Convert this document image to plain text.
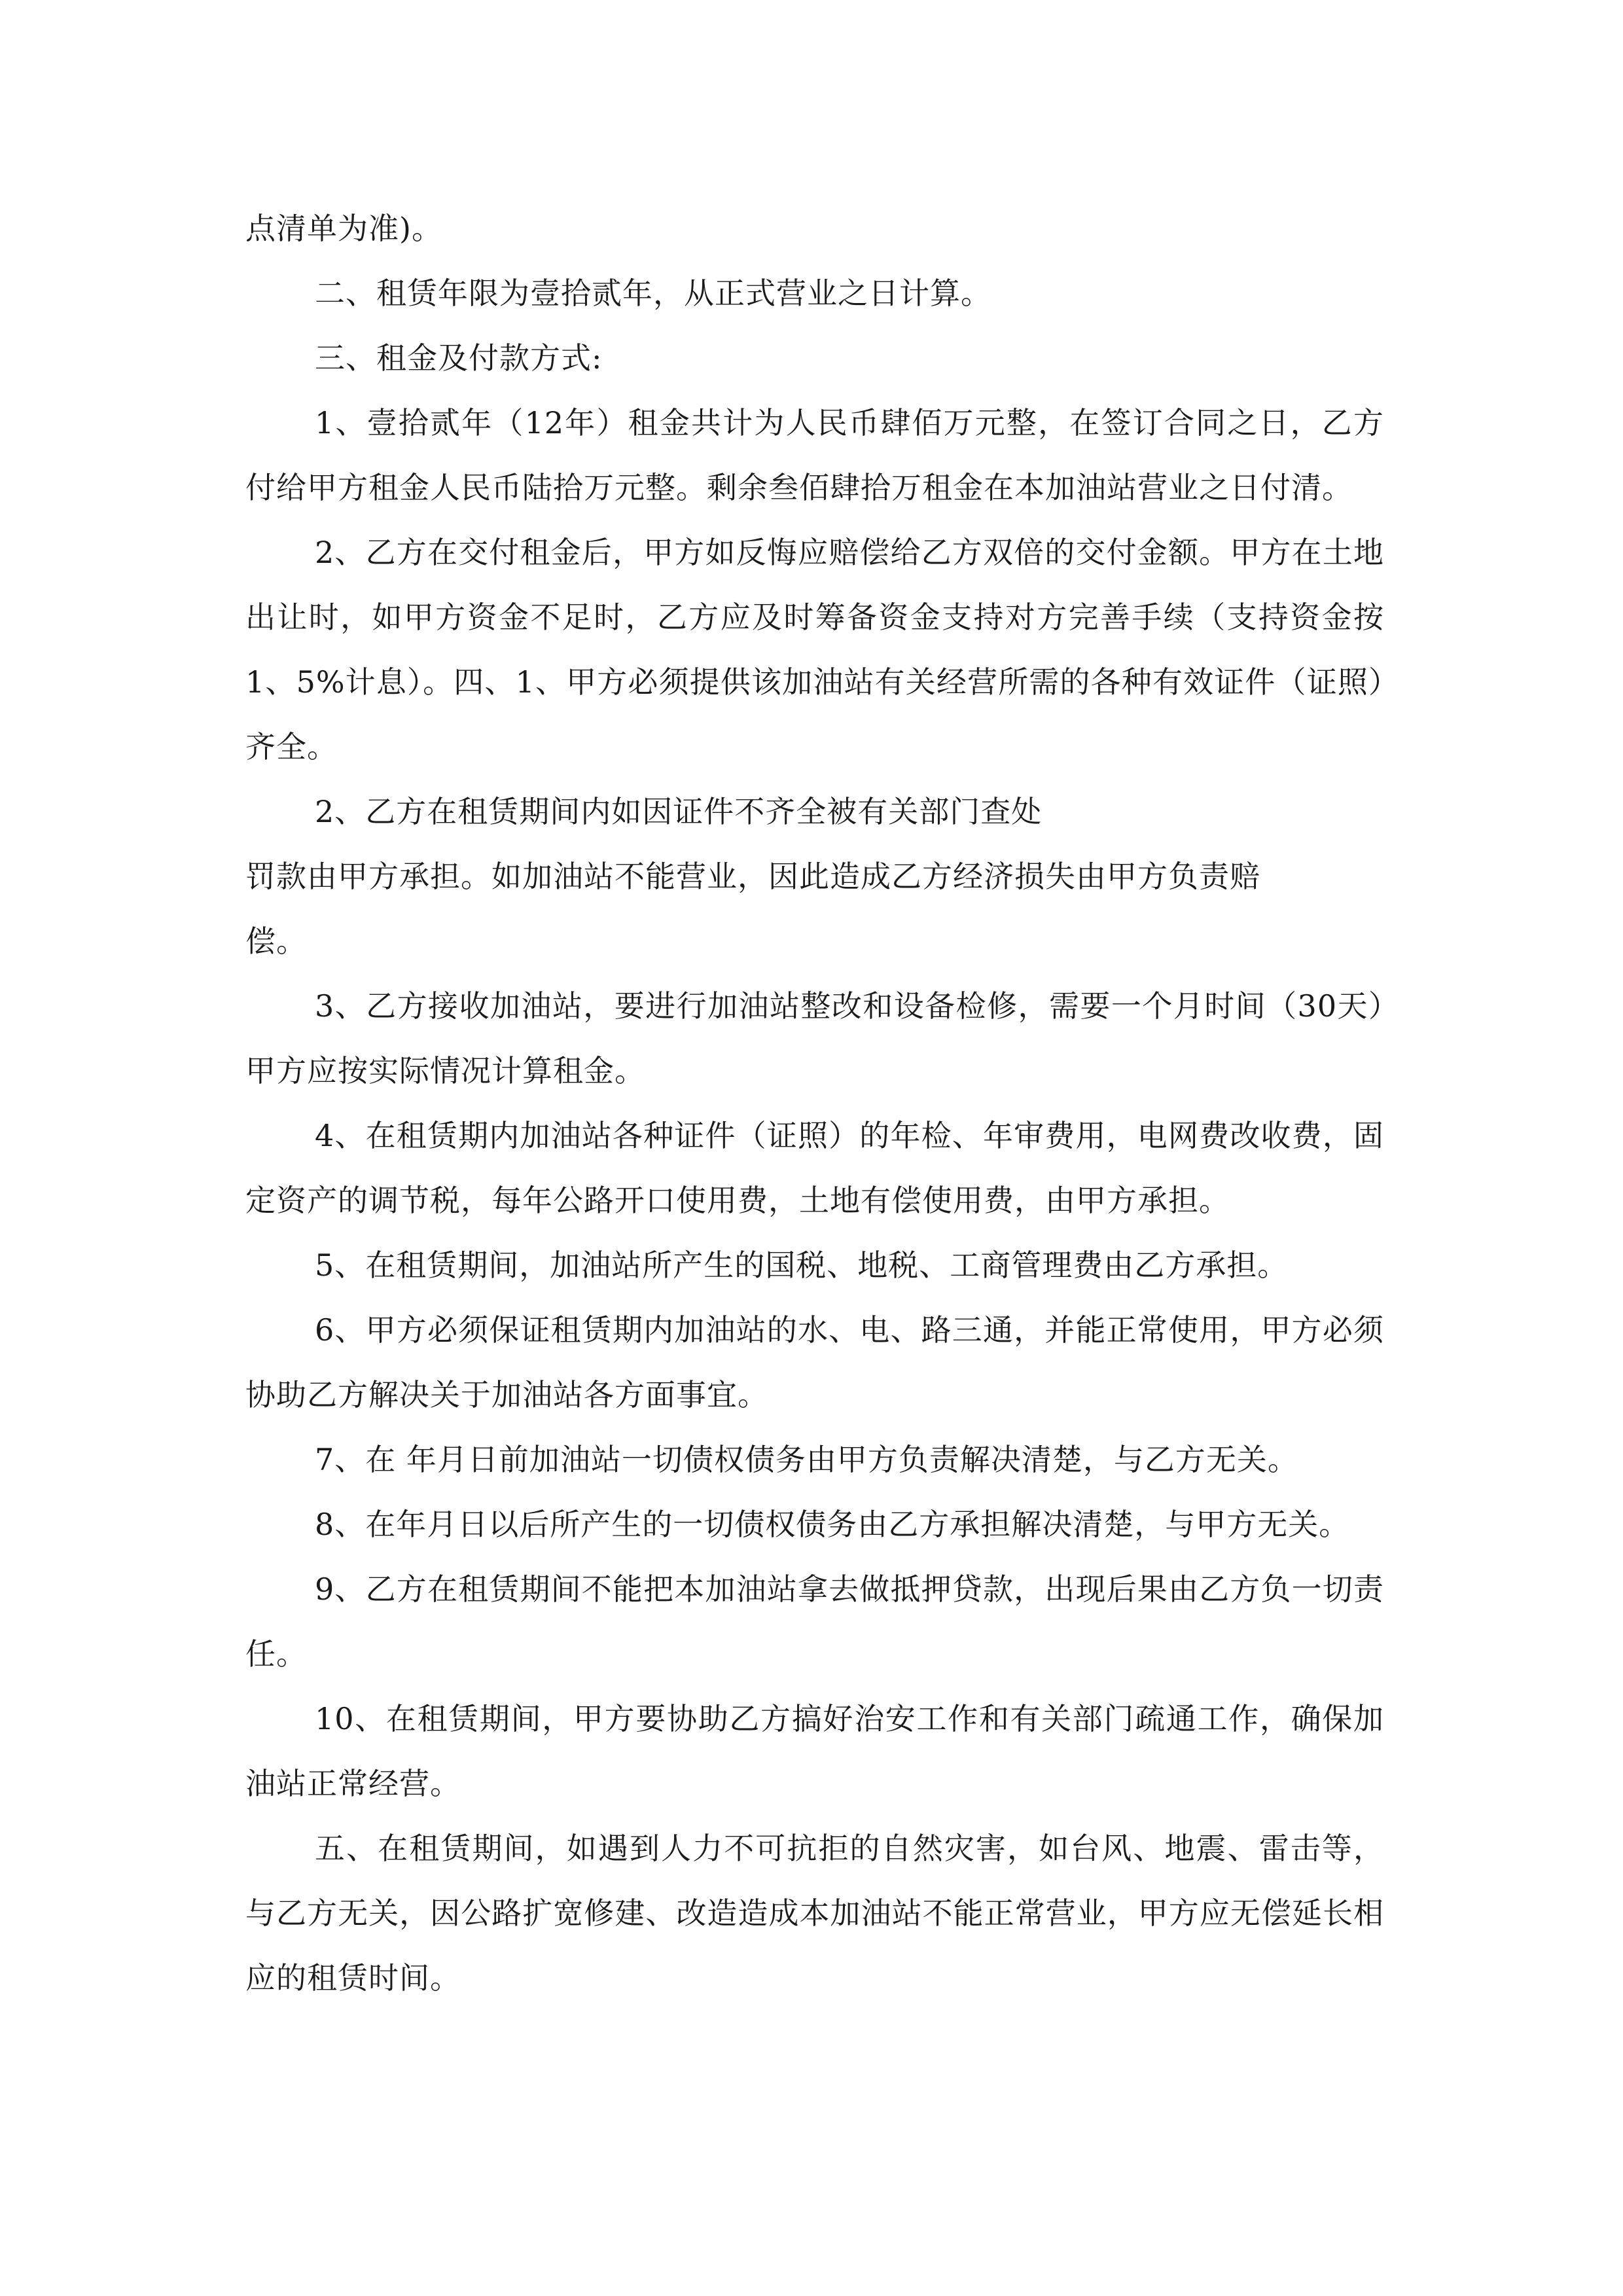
点清单为准)。

二、租赁年限为壹拾贰年，从正式营业之日计算。

三、租金及付款方式:

1、壹拾贰年（12年）租金共计为人民币肆佰万元整，在签订合同之日，乙方付给甲方租金人民币陆拾万元整。剩余叁佰肆拾万租金在本加油站营业之日付清。

2、乙方在交付租金后，甲方如反悔应赔偿给乙方双倍的交付金额。甲方在土地出让时，如甲方资金不足时，乙方应及时筹备资金支持对方完善手续（支持资金按1、5%计息）。四、1、甲方必须提供该加油站有关经营所需的各种有效证件（证照）齐全。

2、乙方在租赁期间内如因证件不齐全被有关部门查处

罚款由甲方承担。如加油站不能营业，因此造成乙方经济损失由甲方负责赔

偿。

3、乙方接收加油站，要进行加油站整改和设备检修，需要一个月时间（30天）甲方应按实际情况计算租金。

4、在租赁期内加油站各种证件（证照）的年检、年审费用，电网费改收费，固定资产的调节税，每年公路开口使用费，土地有偿使用费，由甲方承担。

5、在租赁期间，加油站所产生的国税、地税、工商管理费由乙方承担。

6、甲方必须保证租赁期内加油站的水、电、路三通，并能正常使用，甲方必须协助乙方解决关于加油站各方面事宜。

7、在 年月日前加油站一切债权债务由甲方负责解决清楚，与乙方无关。

8、在年月日以后所产生的一切债权债务由乙方承担解决清楚，与甲方无关。

9、乙方在租赁期间不能把本加油站拿去做抵押贷款，出现后果由乙方负一切责任。

10、在租赁期间，甲方要协助乙方搞好治安工作和有关部门疏通工作，确保加油站正常经营。

五、在租赁期间，如遇到人力不可抗拒的自然灾害，如台风、地震、雷击等，与乙方无关，因公路扩宽修建、改造造成本加油站不能正常营业，甲方应无偿延长相应的租赁时间。
